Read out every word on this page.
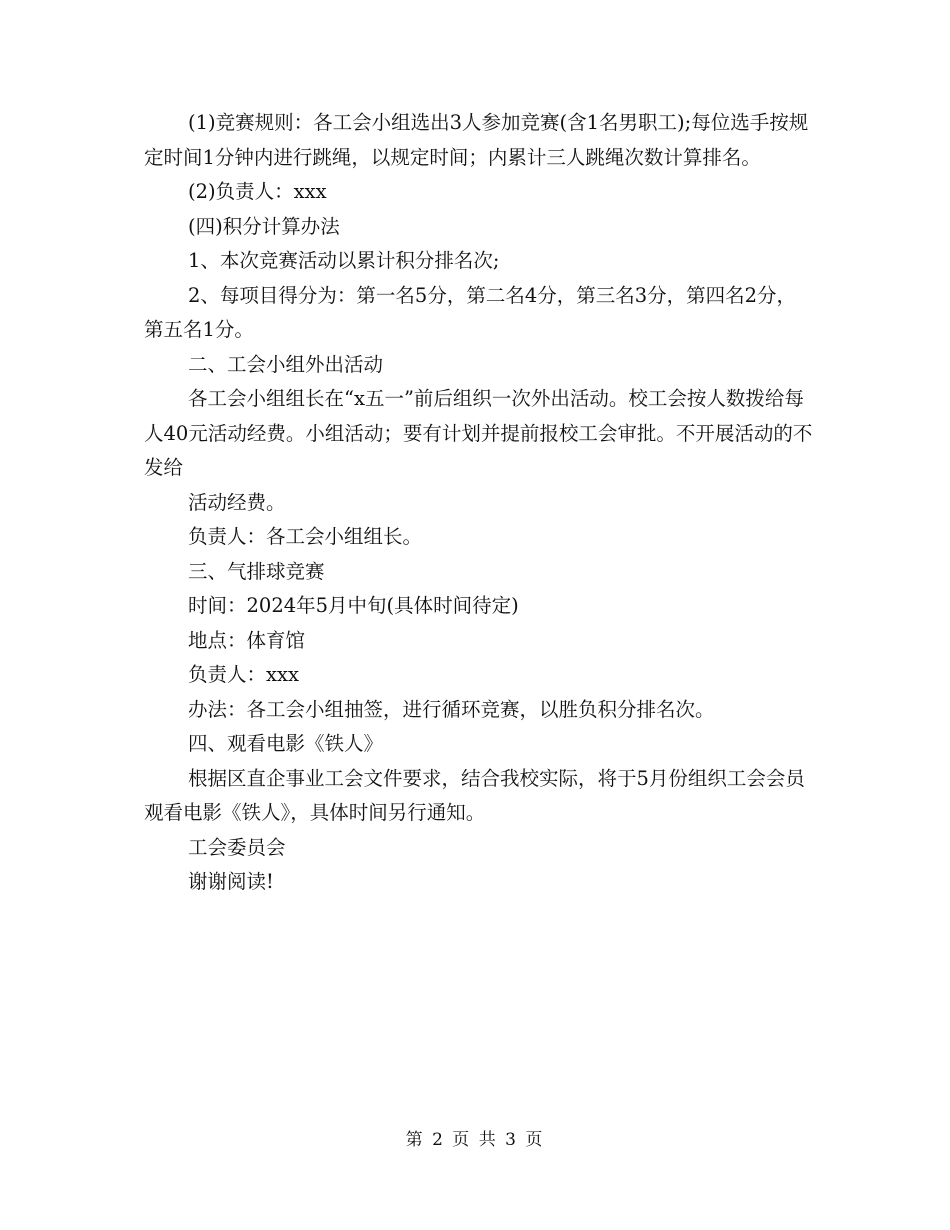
(1)竞赛规则：各工会小组选出3人参加竞赛(含1名男职工);每位选手按规定时间1分钟内进行跳绳，以规定时间；内累计三人跳绳次数计算排名。

(2)负责人：xxx

(四)积分计算办法

1、本次竞赛活动以累计积分排名次;

2、每项目得分为：第一名5分，第二名4分，第三名3分，第四名2分，第五名1分。

二、工会小组外出活动

各工会小组组长在“x五一”前后组织一次外出活动。校工会按人数拨给每人40元活动经费。小组活动；要有计划并提前报校工会审批。不开展活动的不发给

活动经费。

负责人：各工会小组组长。

三、气排球竞赛

时间：2024年5月中旬(具体时间待定)

地点：体育馆

负责人：xxx

办法：各工会小组抽签，进行循环竞赛，以胜负积分排名次。

四、观看电影《铁人》

根据区直企事业工会文件要求，结合我校实际，将于5月份组织工会会员观看电影《铁人》，具体时间另行通知。

工会委员会

谢谢阅读!

第 2 页 共 3 页
